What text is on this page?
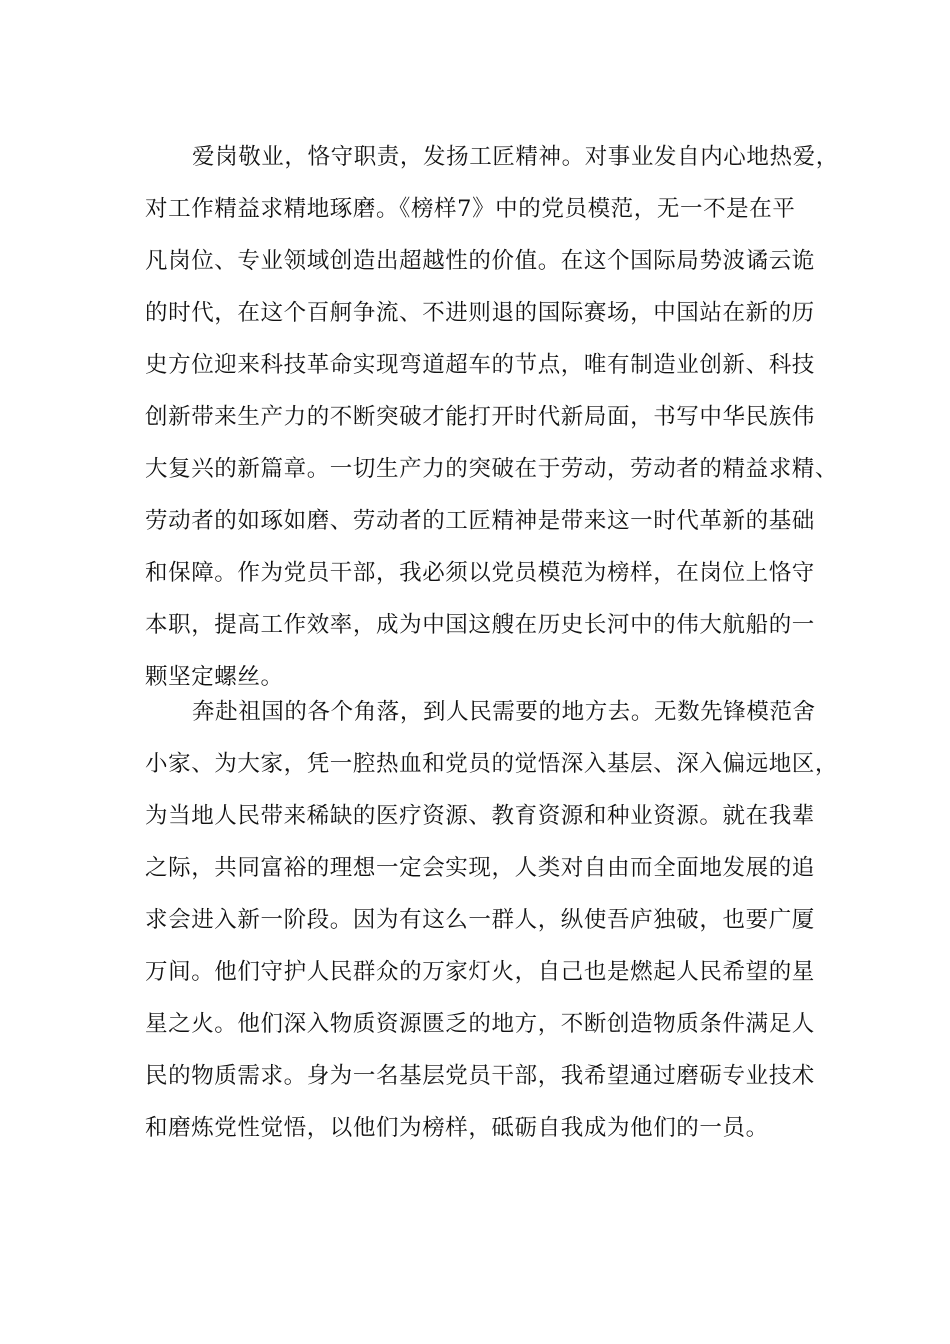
爱岗敬业，恪守职责，发扬工匠精神。对事业发自内心地热爱，
对工作精益求精地琢磨。《榜样7》中的党员模范，无一不是在平
凡岗位、专业领域创造出超越性的价值。在这个国际局势波谲云诡
的时代，在这个百舸争流、不进则退的国际赛场，中国站在新的历
史方位迎来科技革命实现弯道超车的节点，唯有制造业创新、科技
创新带来生产力的不断突破才能打开时代新局面，书写中华民族伟
大复兴的新篇章。一切生产力的突破在于劳动，劳动者的精益求精、
劳动者的如琢如磨、劳动者的工匠精神是带来这一时代革新的基础
和保障。作为党员干部，我必须以党员模范为榜样，在岗位上恪守
本职，提高工作效率，成为中国这艘在历史长河中的伟大航船的一
颗坚定螺丝。
奔赴祖国的各个角落，到人民需要的地方去。无数先锋模范舍
小家、为大家，凭一腔热血和党员的觉悟深入基层、深入偏远地区，
为当地人民带来稀缺的医疗资源、教育资源和种业资源。就在我辈
之际，共同富裕的理想一定会实现，人类对自由而全面地发展的追
求会进入新一阶段。因为有这么一群人，纵使吾庐独破，也要广厦
万间。他们守护人民群众的万家灯火，自己也是燃起人民希望的星
星之火。他们深入物质资源匮乏的地方，不断创造物质条件满足人
民的物质需求。身为一名基层党员干部，我希望通过磨砺专业技术
和磨炼党性觉悟，以他们为榜样，砥砺自我成为他们的一员。
